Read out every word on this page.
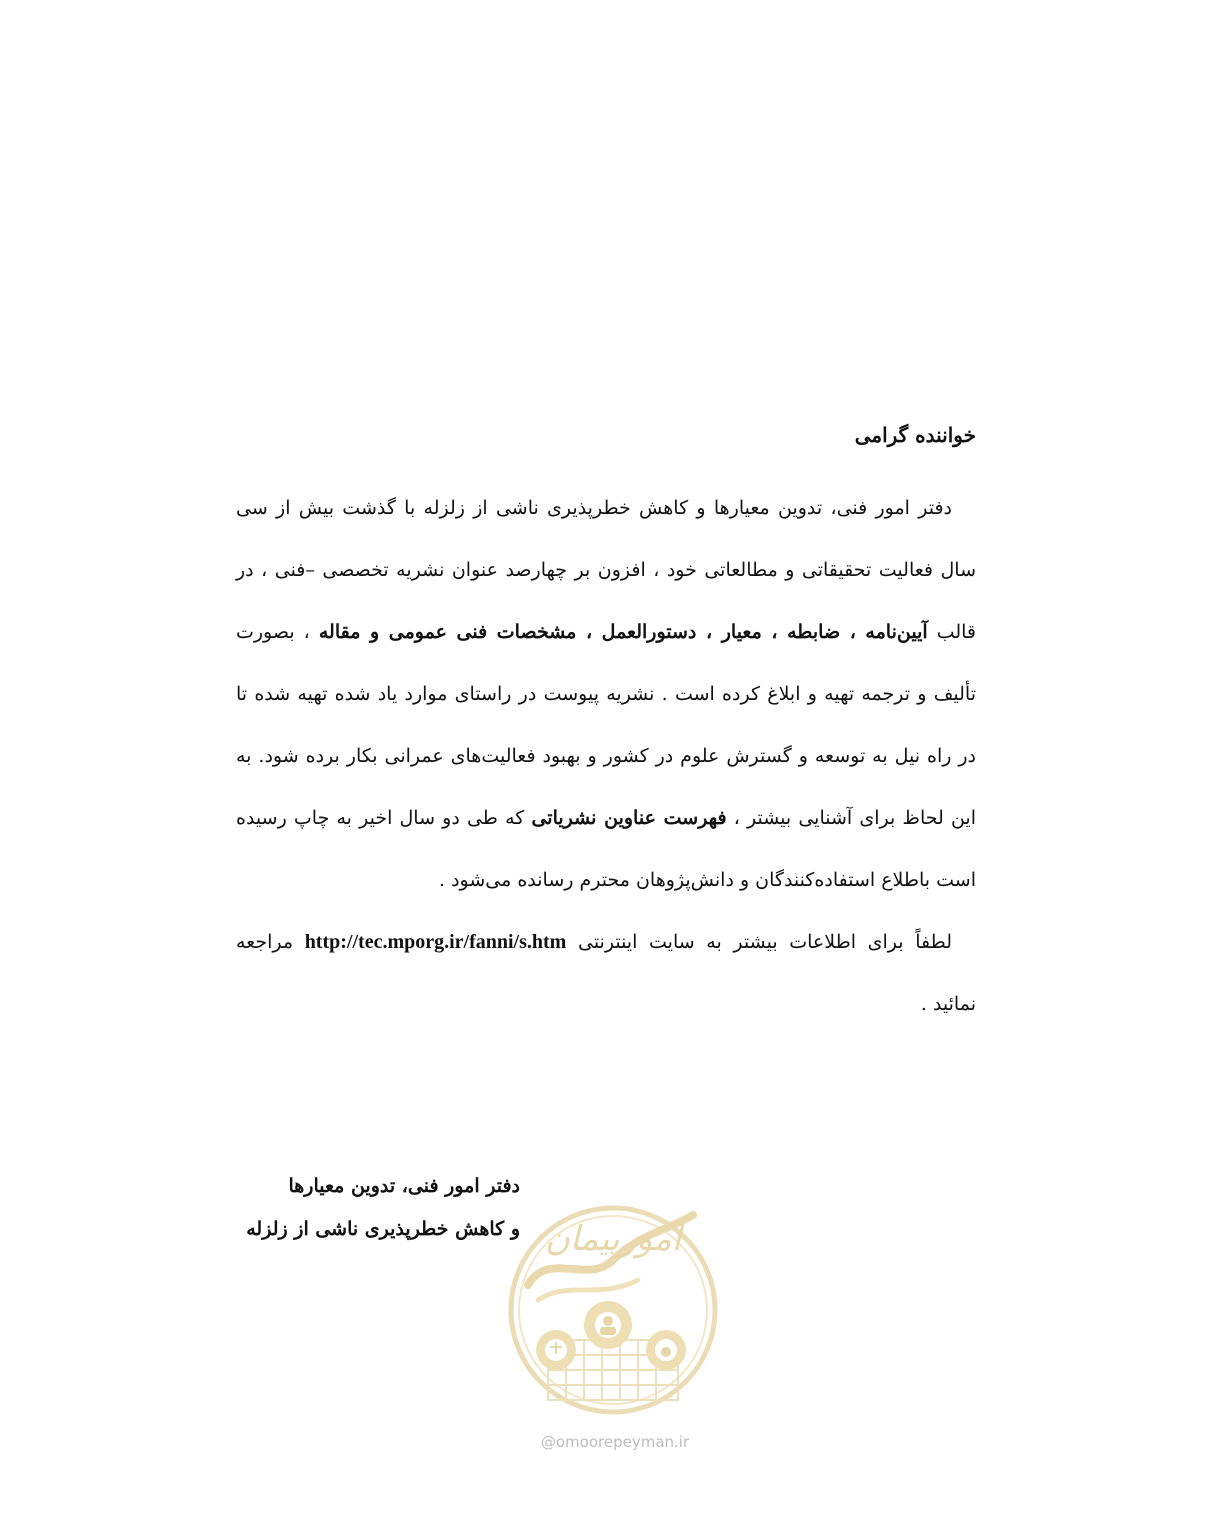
خواننده گرامی

دفتر امور فنی، تدوین معیارها و کاهش خطرپذیری ناشی از زلزله با گذشت بیش از سی سال فعالیت تحقیقاتی و مطالعاتی خود ، افزون بر چهارصد عنوان نشریه تخصصی –فنی ، در قالب آیین‌نامه ، ضابطه ، معیار ، دستورالعمل ، مشخصات فنی عمومی و مقاله ، بصورت تألیف و ترجمه تهیه و ابلاغ کرده است . نشریه پیوست در راستای موارد یاد شده تهیه شده تا در راه نیل به توسعه و گسترش علوم در کشور و بهبود فعالیت‌های عمرانی بکار برده شود. به این لحاظ برای آشنایی بیشتر ، فهرست عناوین نشریاتی که طی دو سال اخیر به چاپ رسیده است باطلاع استفاده‌کنندگان و دانش‌پژوهان محترم رسانده می‌شود .

لطفاً برای اطلاعات بیشتر به سایت اینترنتی http://tec.mporg.ir/fanni/s.htm مراجعه نمائید .

امورپیمان
@omoorepeyman.ir
دفتر امور فنی، تدوین معیارها
و کاهش خطرپذیری ناشی از زلزله
